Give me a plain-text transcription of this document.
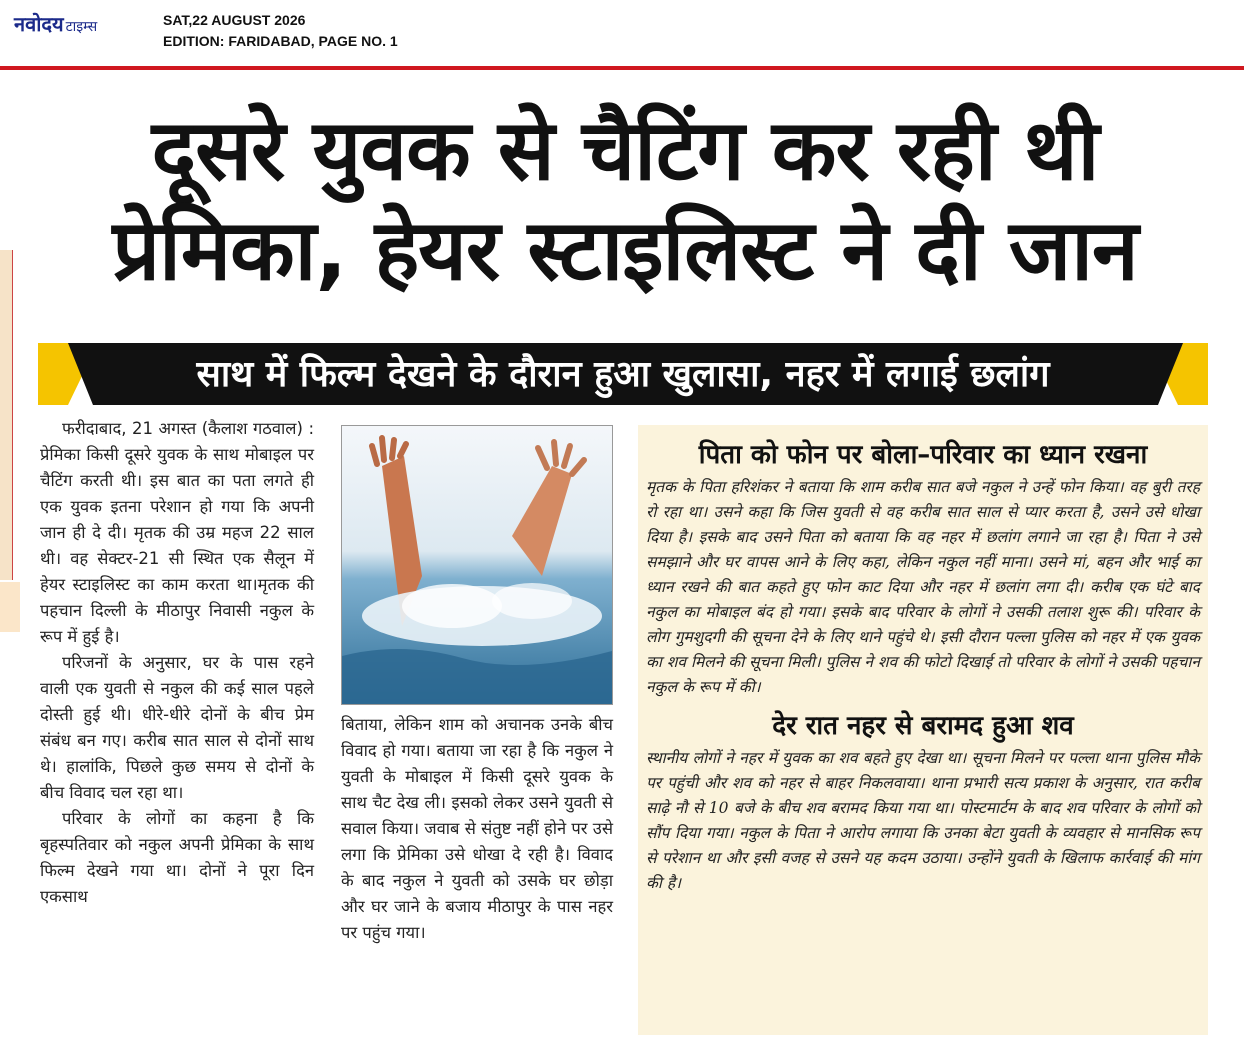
नवोदय टाइम्स	SAT,22 AUGUST 2026
EDITION: FARIDABAD, PAGE NO. 1
दूसरे युवक से चैटिंग कर रही थी
प्रेमिका, हेयर स्टाइलिस्ट ने दी जान
साथ में फिल्म देखने के दौरान हुआ खुलासा, नहर में लगाई छलांग

फरीदाबाद, 21 अगस्त (कैलाश गठवाल) : प्रेमिका किसी दूसरे युवक के साथ मोबाइल पर चैटिंग करती थी। इस बात का पता लगते ही एक युवक इतना परेशान हो गया कि अपनी जान ही दे दी। मृतक की उम्र महज 22 साल थी। वह सेक्टर-21 सी स्थित एक सैलून में हेयर स्टाइलिस्ट का काम करता था।मृतक की पहचान दिल्ली के मीठापुर निवासी नकुल के रूप में हुई है।

परिजनों के अनुसार, घर के पास रहने वाली एक युवती से नकुल की कई साल पहले दोस्ती हुई थी। धीरे-धीरे दोनों के बीच प्रेम संबंध बन गए। करीब सात साल से दोनों साथ थे। हालांकि, पिछले कुछ समय से दोनों के बीच विवाद चल रहा था।

परिवार के लोगों का कहना है कि बृहस्पतिवार को नकुल अपनी प्रेमिका के साथ फिल्म देखने गया था। दोनों ने पूरा दिन एकसाथ

बिताया, लेकिन शाम को अचानक उनके बीच विवाद हो गया। बताया जा रहा है कि नकुल ने युवती के मोबाइल में किसी दूसरे युवक के साथ चैट देख ली। इसको लेकर उसने युवती से सवाल किया। जवाब से संतुष्ट नहीं होने पर उसे लगा कि प्रेमिका उसे धोखा दे रही है। विवाद के बाद नकुल ने युवती को उसके घर छोड़ा और घर जाने के बजाय मीठापुर के पास नहर पर पहुंच गया।

पिता को फोन पर बोला–परिवार का ध्यान रखना
मृतक के पिता हरिशंकर ने बताया कि शाम करीब सात बजे नकुल ने उन्हें फोन किया। वह बुरी तरह रो रहा था। उसने कहा कि जिस युवती से वह करीब सात साल से प्यार करता है, उसने उसे धोखा दिया है। इसके बाद उसने पिता को बताया कि वह नहर में छलांग लगाने जा रहा है। पिता ने उसे समझाने और घर वापस आने के लिए कहा, लेकिन नकुल नहीं माना। उसने मां, बहन और भाई का ध्यान रखने की बात कहते हुए फोन काट दिया और नहर में छलांग लगा दी। करीब एक घंटे बाद नकुल का मोबाइल बंद हो गया। इसके बाद परिवार के लोगों ने उसकी तलाश शुरू की। परिवार के लोग गुमशुदगी की सूचना देने के लिए थाने पहुंचे थे। इसी दौरान पल्ला पुलिस को नहर में एक युवक का शव मिलने की सूचना मिली। पुलिस ने शव की फोटो दिखाई तो परिवार के लोगों ने उसकी पहचान नकुल के रूप में की।
देर रात नहर से बरामद हुआ शव
स्थानीय लोगों ने नहर में युवक का शव बहते हुए देखा था। सूचना मिलने पर पल्ला थाना पुलिस मौके पर पहुंची और शव को नहर से बाहर निकलवाया। थाना प्रभारी सत्य प्रकाश के अनुसार, रात करीब साढ़े नौ से 10 बजे के बीच शव बरामद किया गया था। पोस्टमार्टम के बाद शव परिवार के लोगों को सौंप दिया गया। नकुल के पिता ने आरोप लगाया कि उनका बेटा युवती के व्यवहार से मानसिक रूप से परेशान था और इसी वजह से उसने यह कदम उठाया। उन्होंने युवती के खिलाफ कार्रवाई की मांग की है।
